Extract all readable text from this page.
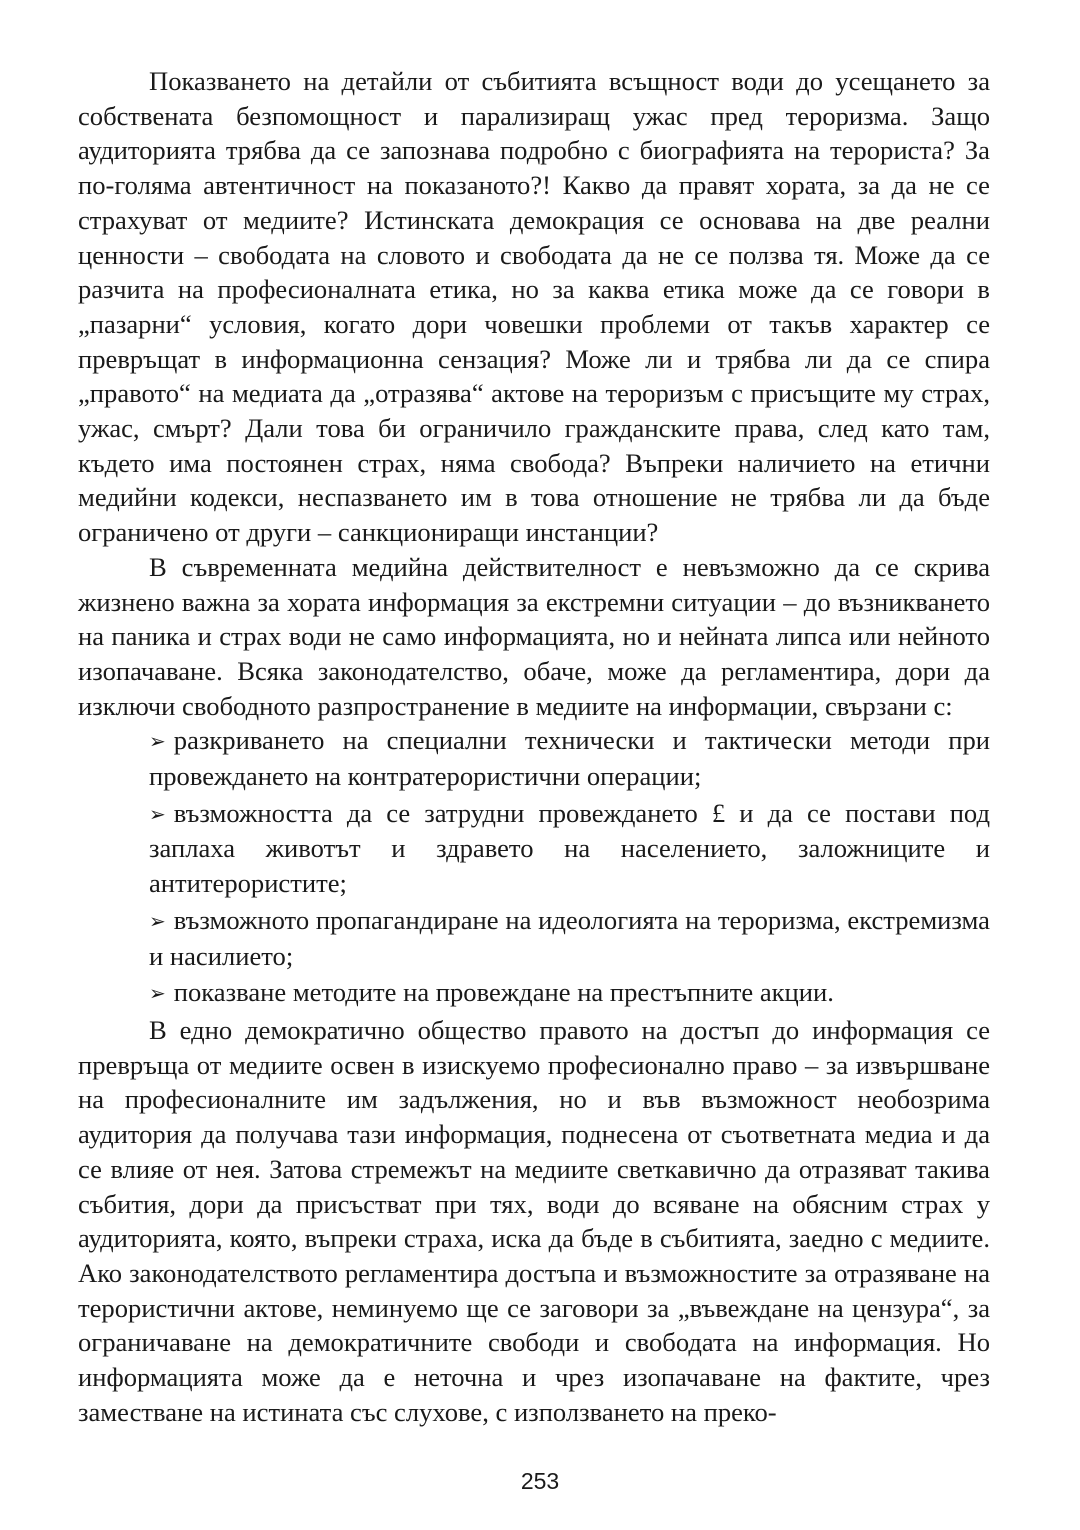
Показването на детайли от събитията всъщност води до усещането за собствената безпомощност и парализиращ ужас пред тероризма. Защо аудиторията трябва да се запознава подробно с биографията на терориста? За по-голяма автентичност на показаното?! Какво да правят хората, за да не се страхуват от медиите? Истинската демокрация се основава на две реални ценности – свободата на словото и свободата да не се ползва тя. Може да се разчита на професионалната етика, но за каква етика може да се говори в „пазарни“ условия, когато дори човешки проблеми от такъв характер се превръщат в информационна сензация? Може ли и трябва ли да се спира „правото“ на медиата да „отразява“ актове на тероризъм с присъщите му страх, ужас, смърт? Дали това би ограничило гражданските права, след като там, където има постоянен страх, няма свобода? Въпреки наличието на етични медийни кодекси, неспазването им в това отношение не трябва ли да бъде ограничено от други – санкциониращи инстанции?

В съвременната медийна действителност е невъзможно да се скрива жизнено важна за хората информация за екстремни ситуации – до възникването на паника и страх води не само информацията, но и нейната липса или нейното изопачаване. Всяка законодателство, обаче, може да регламентира, дори да изключи свободното разпространение в медиите на информации, свързани с:

➢ разкриването на специални технически и тактически методи при провеждането на контратерористични операции;

➢ възможността да се затрудни провеждането £ и да се постави под заплаха животът и здравето на населението, заложниците и антитерористите;

➢ възможното пропагандиране на идеологията на тероризма, екстремизма и насилието;

➢ показване методите на провеждане на престъпните акции.

В едно демократично общество правото на достъп до информация се превръща от медиите освен в изискуемо професионално право – за извършване на професионалните им задължения, но и във възможност необозрима аудитория да получава тази информация, поднесена от съответната медиа и да се влияе от нея. Затова стремежът на медиите светкавично да отразяват такива събития, дори да присъстват при тях, води до всяване на обясним страх у аудиторията, която, въпреки страха, иска да бъде в събитията, заедно с медиите. Ако законодателството регламентира достъпа и възможностите за отразяване на терористични актове, неминуемо ще се заговори за „въвеждане на цензура“, за ограничаване на демократичните свободи и свободата на информация. Но информацията може да е неточна и чрез изопачаване на фактите, чрез заместване на истината със слухове, с използването на преко-

253
